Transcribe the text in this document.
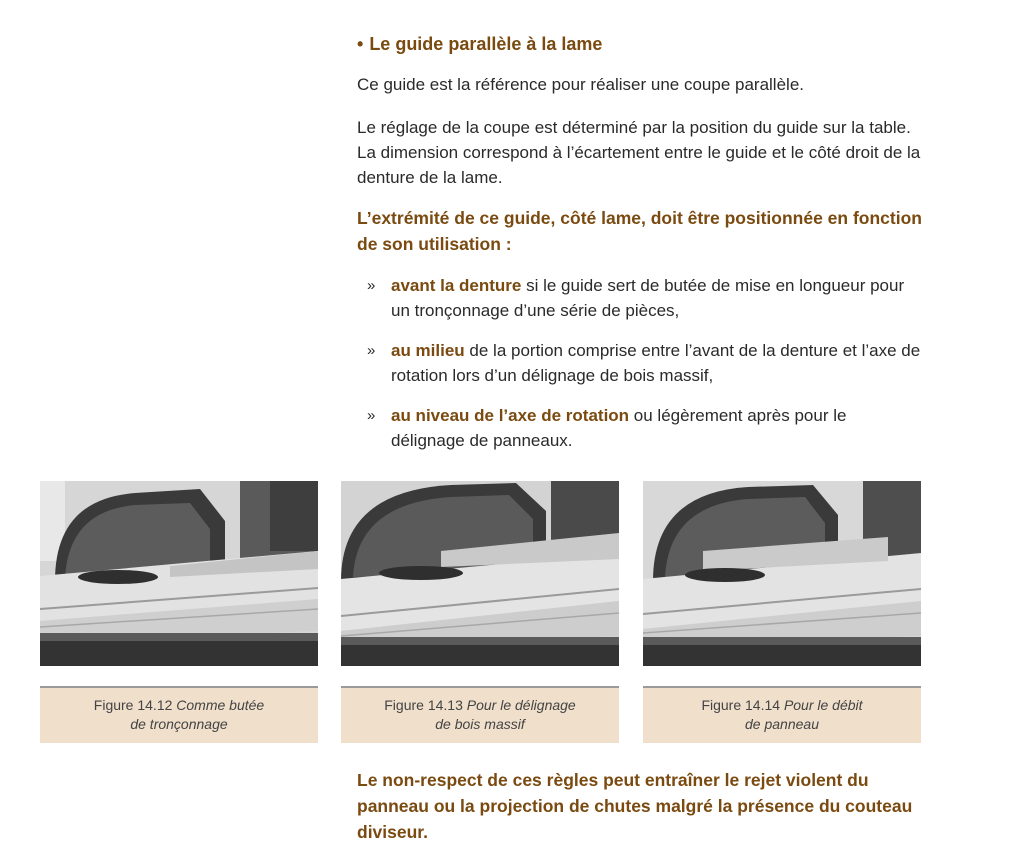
• Le guide parallèle à la lame

Ce guide est la référence pour réaliser une coupe parallèle.

Le réglage de la coupe est déterminé par la position du guide sur la table. La dimension correspond à l’écartement entre le guide et le côté droit de la denture de la lame.

L’extrémité de ce guide, côté lame, doit être positionnée en fonction de son utilisation :

» avant la denture si le guide sert de butée de mise en longueur pour un tronçonnage d’une série de pièces,
» au milieu de la portion comprise entre l’avant de la denture et l’axe de rotation lors d’un délignage de bois massif,
» au niveau de l’axe de rotation ou légèrement après pour le délignage de panneaux.
Figure 14.12 Comme butée
de tronçonnage
Figure 14.13 Pour le délignage
de bois massif
Figure 14.14 Pour le débit
de panneau

Le non-respect de ces règles peut entraîner le rejet violent du panneau ou la projection de chutes malgré la présence du couteau diviseur.
